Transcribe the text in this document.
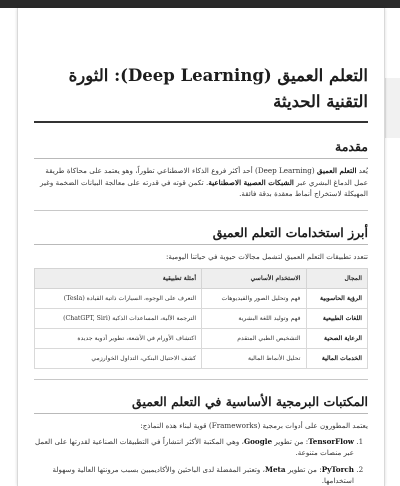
التعلم العميق (Deep Learning): الثورة التقنية الحديثة
مقدمة

يُعد التعلم العميق (Deep Learning) أحد أكثر فروع الذكاء الاصطناعي تطوراً، وهو يعتمد على محاكاة طريقة عمل الدماغ البشري عبر الشبكات العصبية الاصطناعية. تكمن قوته في قدرته على معالجة البيانات الضخمة وغير المهيكلة لاستخراج أنماط معقدة بدقة فائقة.

أبرز استخدامات التعلم العميق

تتعدد تطبيقات التعلم العميق لتشمل مجالات حيوية في حياتنا اليومية:

المجال	الاستخدام الأساسي	أمثلة تطبيقية
الرؤية الحاسوبية	فهم وتحليل الصور والفيديوهات	التعرف على الوجوه، السيارات ذاتية القيادة (Tesla)
اللغات الطبيعية	فهم وتوليد اللغة البشرية	الترجمة الآلية، المساعدات الذكية (ChatGPT, Siri)
الرعاية الصحية	التشخيص الطبي المتقدم	اكتشاف الأورام في الأشعة، تطوير أدوية جديدة
الخدمات المالية	تحليل الأنماط المالية	كشف الاحتيال البنكي، التداول الخوارزمي
المكتبات البرمجية الأساسية في التعلم العميق

يعتمد المطورون على أدوات برمجية (Frameworks) قوية لبناء هذه النماذج:

1. TensorFlow: من تطوير Google، وهي المكتبة الأكثر انتشاراً في التطبيقات الصناعية لقدرتها على العمل عبر منصات متنوعة.
2. PyTorch: من تطوير Meta، وتعتبر المفضلة لدى الباحثين والأكاديميين بسبب مرونتها العالية وسهولة استخدامها.
